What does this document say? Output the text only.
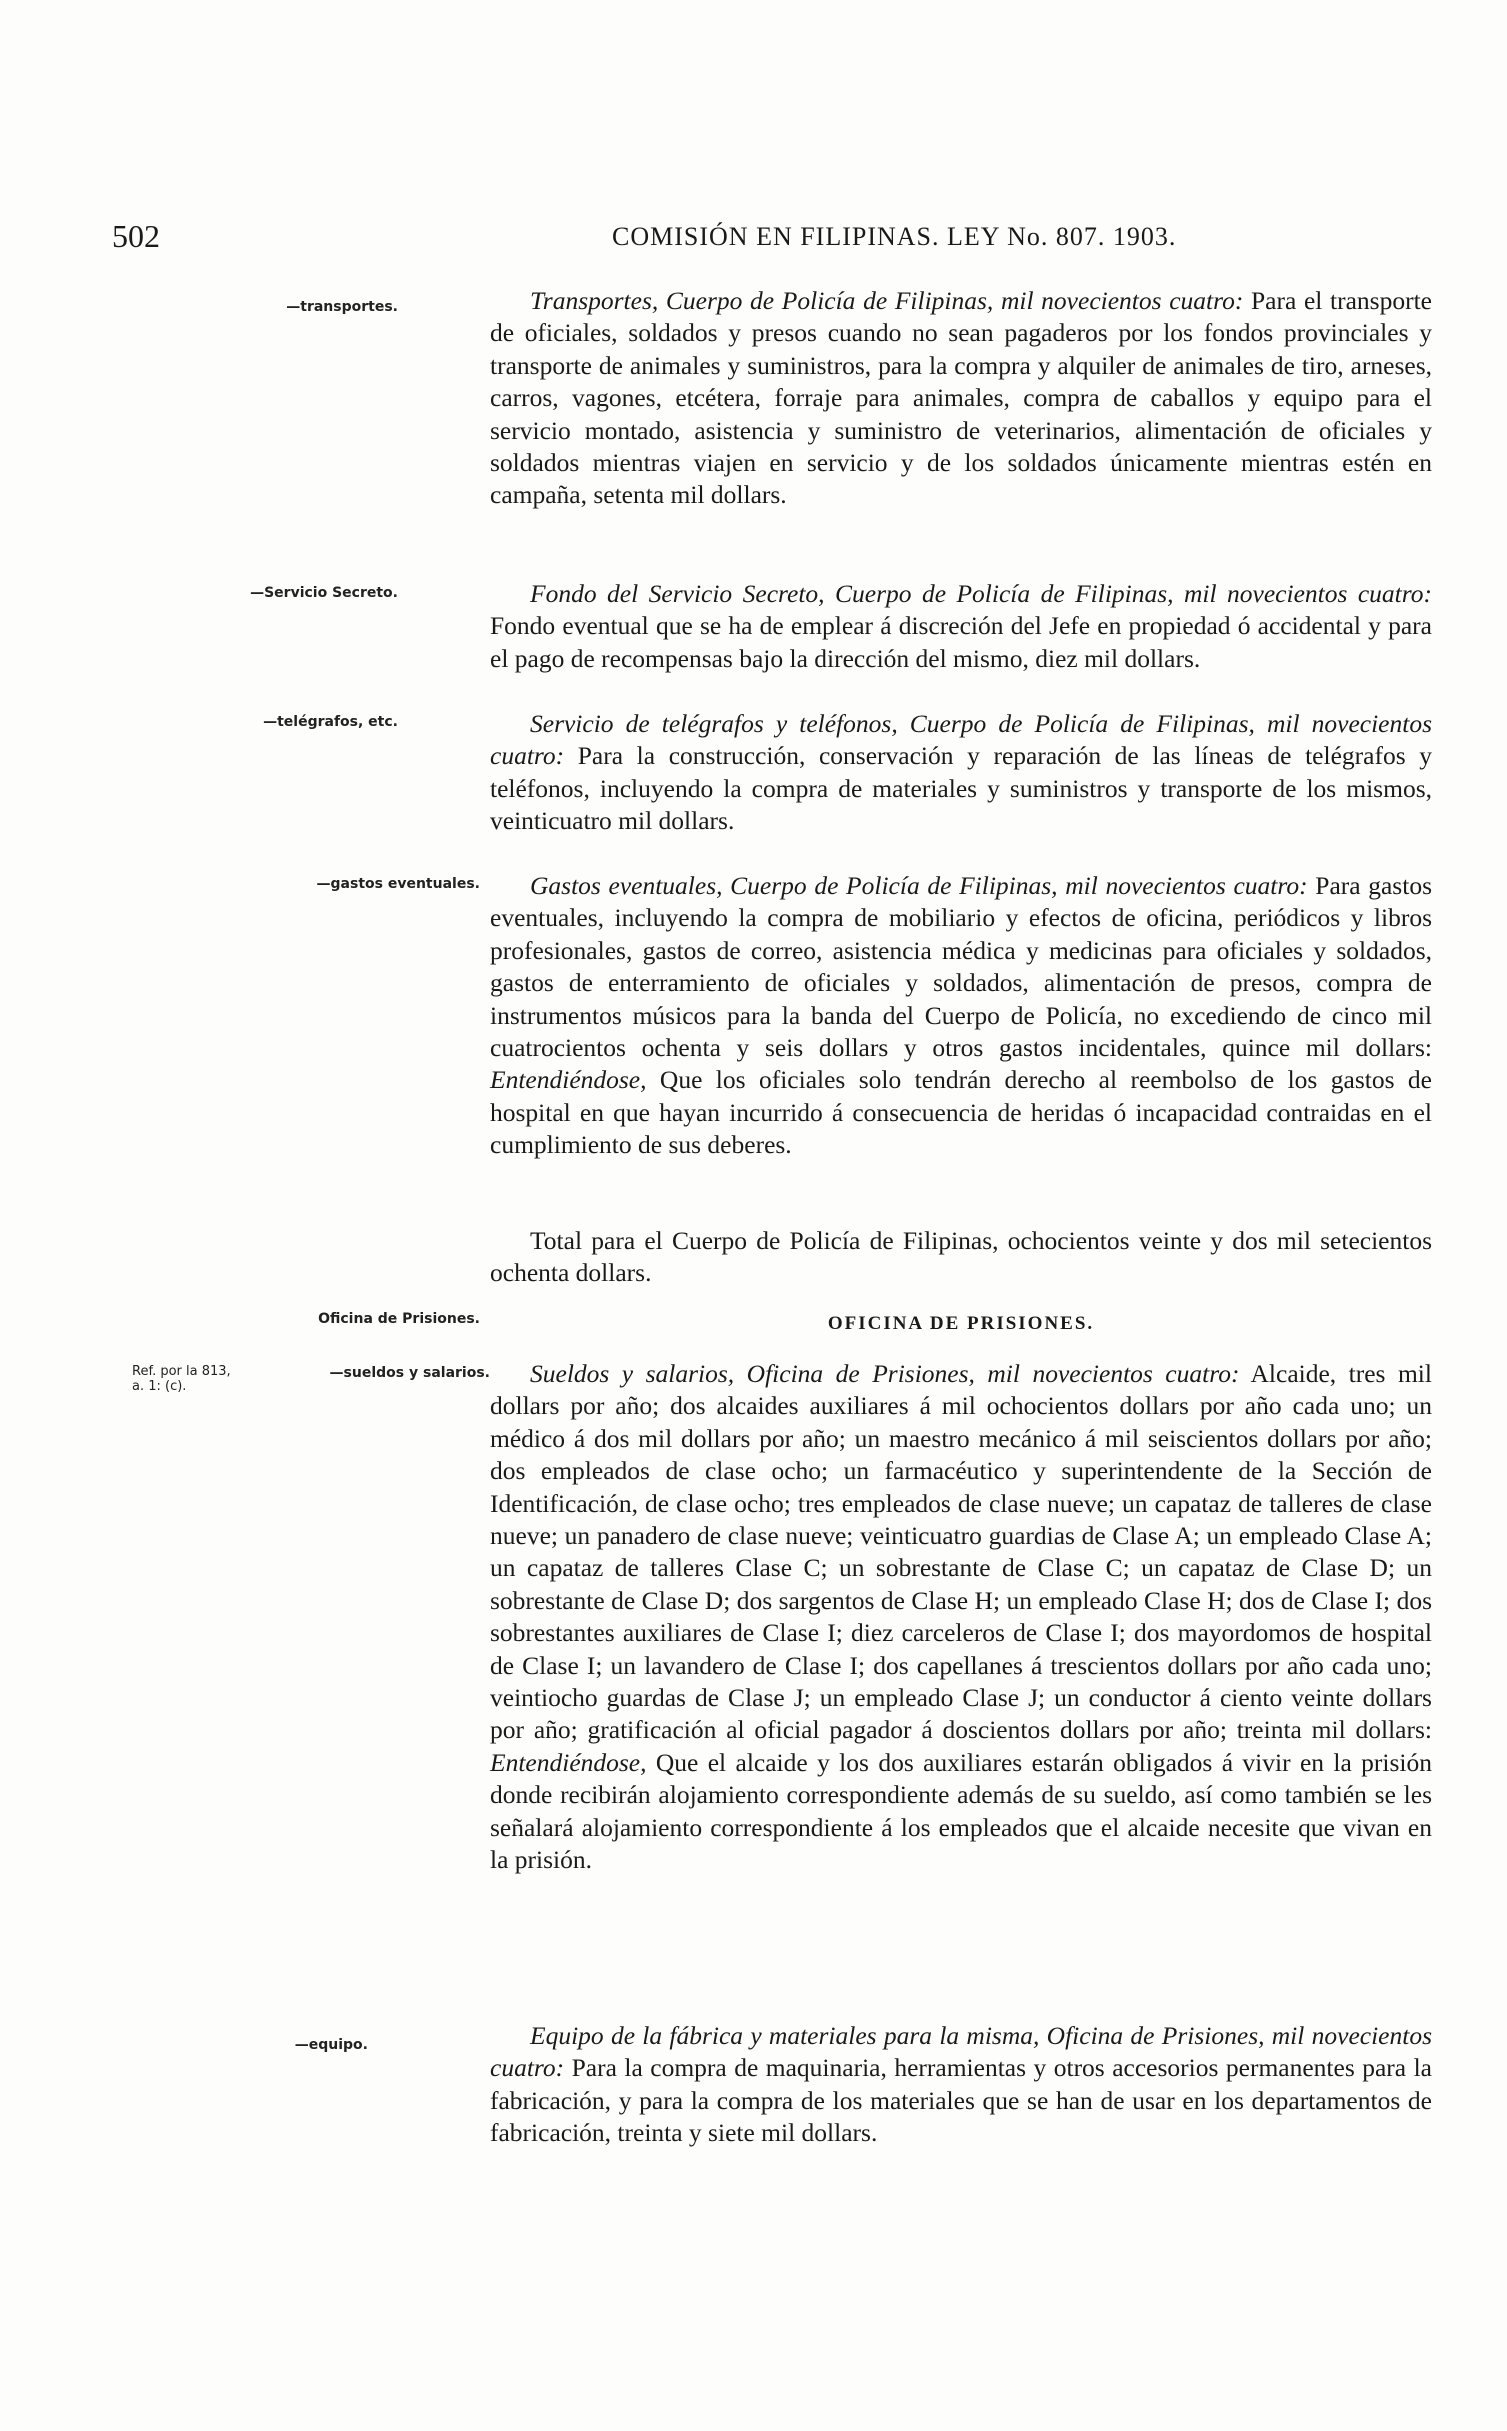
502	COMISIÓN EN FILIPINAS. LEY No. 807. 1903.
—transportes.
—Servicio Secreto.
—telégrafos, etc.
—gastos eventuales.
Oficina de Prisiones.
—sueldos y salarios.
Ref. por la 813, a. 1: (c).
—equipo.

Transportes, Cuerpo de Policía de Filipinas, mil novecientos cuatro: Para el transporte de oficiales, soldados y presos cuando no sean pagaderos por los fondos provinciales y transporte de animales y suministros, para la compra y alquiler de animales de tiro, arneses, carros, vagones, etcétera, forraje para animales, compra de caballos y equipo para el servicio montado, asistencia y suministro de veterinarios, alimentación de oficiales y soldados mientras viajen en servicio y de los soldados únicamente mientras estén en campaña, setenta mil dollars.

Fondo del Servicio Secreto, Cuerpo de Policía de Filipinas, mil novecientos cuatro: Fondo eventual que se ha de emplear á discreción del Jefe en propiedad ó accidental y para el pago de recompensas bajo la dirección del mismo, diez mil dollars.

Servicio de telégrafos y teléfonos, Cuerpo de Policía de Filipinas, mil novecientos cuatro: Para la construcción, conservación y reparación de las líneas de telégrafos y teléfonos, incluyendo la compra de materiales y suministros y transporte de los mismos, veinticuatro mil dollars.

Gastos eventuales, Cuerpo de Policía de Filipinas, mil novecientos cuatro: Para gastos eventuales, incluyendo la compra de mobiliario y efectos de oficina, periódicos y libros profesionales, gastos de correo, asistencia médica y medicinas para oficiales y soldados, gastos de enterramiento de oficiales y soldados, alimentación de presos, compra de instrumentos músicos para la banda del Cuerpo de Policía, no excediendo de cinco mil cuatrocientos ochenta y seis dollars y otros gastos incidentales, quince mil dollars: Entendiéndose, Que los oficiales solo tendrán derecho al reembolso de los gastos de hospital en que hayan incurrido á consecuencia de heridas ó incapacidad contraidas en el cumplimiento de sus deberes.

Total para el Cuerpo de Policía de Filipinas, ochocientos veinte y dos mil setecientos ochenta dollars.

OFICINA DE PRISIONES.

Sueldos y salarios, Oficina de Prisiones, mil novecientos cuatro: Alcaide, tres mil dollars por año; dos alcaides auxiliares á mil ochocientos dollars por año cada uno; un médico á dos mil dollars por año; un maestro mecánico á mil seiscientos dollars por año; dos empleados de clase ocho; un farmacéutico y superintendente de la Sección de Identificación, de clase ocho; tres empleados de clase nueve; un capataz de talleres de clase nueve; un panadero de clase nueve; veinticuatro guardias de Clase A; un empleado Clase A; un capataz de talleres Clase C; un sobrestante de Clase C; un capataz de Clase D; un sobrestante de Clase D; dos sargentos de Clase H; un empleado Clase H; dos de Clase I; dos sobrestantes auxiliares de Clase I; diez carceleros de Clase I; dos mayordomos de hospital de Clase I; un lavandero de Clase I; dos capellanes á trescientos dollars por año cada uno; veintiocho guardas de Clase J; un empleado Clase J; un conductor á ciento veinte dollars por año; gratificación al oficial pagador á doscientos dollars por año; treinta mil dollars: Entendiéndose, Que el alcaide y los dos auxiliares estarán obligados á vivir en la prisión donde recibirán alojamiento correspondiente además de su sueldo, así como también se les señalará alojamiento correspondiente á los empleados que el alcaide necesite que vivan en la prisión.

Equipo de la fábrica y materiales para la misma, Oficina de Prisiones, mil novecientos cuatro: Para la compra de maquinaria, herramientas y otros accesorios permanentes para la fabricación, y para la compra de los materiales que se han de usar en los departamentos de fabricación, treinta y siete mil dollars.
